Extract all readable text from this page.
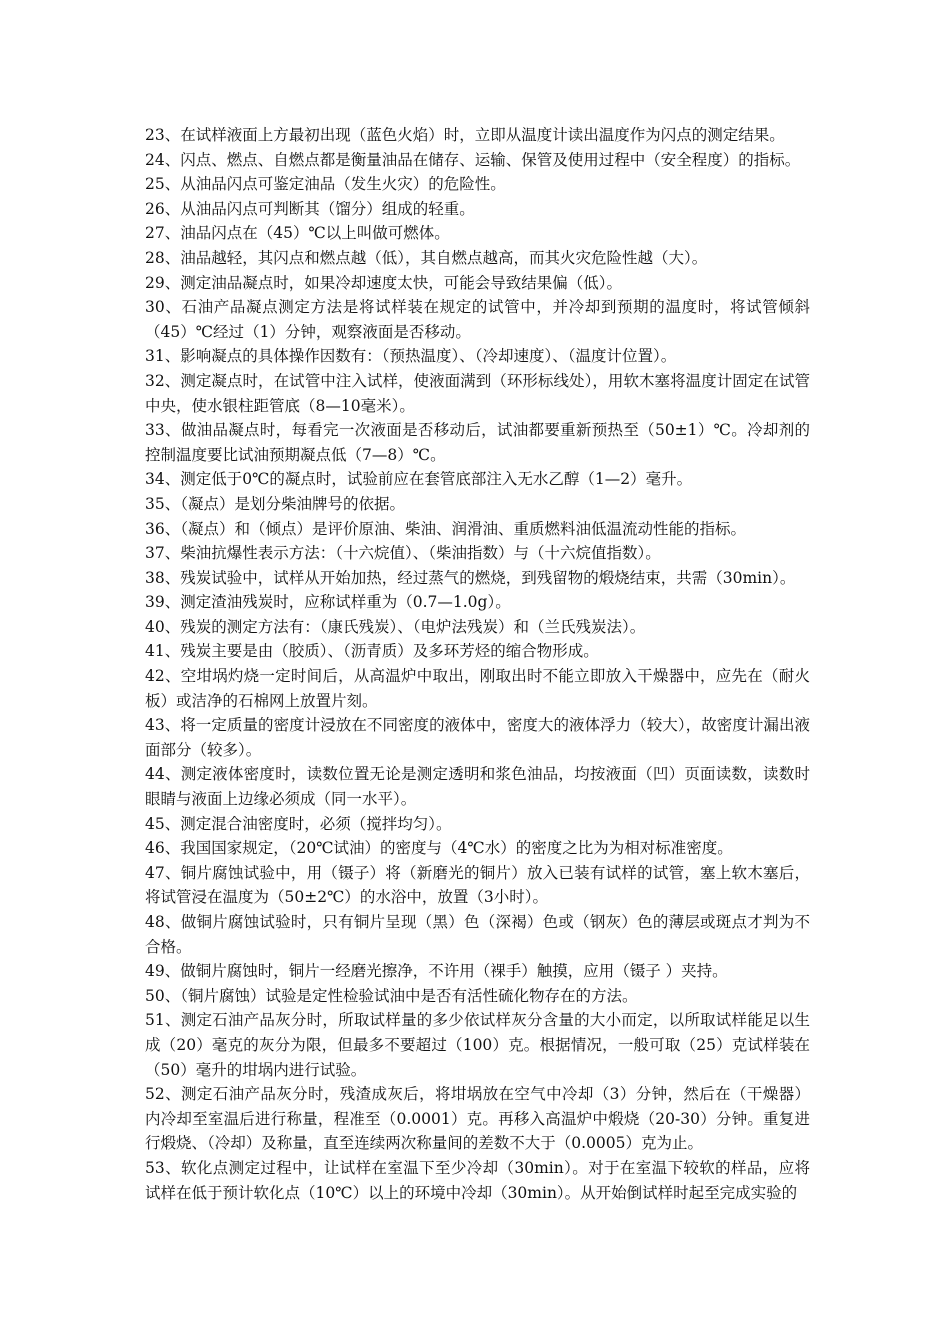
23、在试样液面上方最初出现（蓝色火焰）时，立即从温度计读出温度作为闪点的测定结果。

24、闪点、燃点、自燃点都是衡量油品在储存、运输、保管及使用过程中（安全程度）的指标。

25、从油品闪点可鉴定油品（发生火灾）的危险性。

26、从油品闪点可判断其（馏分）组成的轻重。

27、油品闪点在（45）℃以上叫做可燃体。

28、油品越轻，其闪点和燃点越（低），其自燃点越高，而其火灾危险性越（大）。

29、测定油品凝点时，如果冷却速度太快，可能会导致结果偏（低）。

30、石油产品凝点测定方法是将试样装在规定的试管中，并冷却到预期的温度时，将试管倾斜（45）℃经过（1）分钟，观察液面是否移动。

31、影响凝点的具体操作因数有：（预热温度）、（冷却速度）、（温度计位置）。

32、测定凝点时，在试管中注入试样，使液面满到（环形标线处），用软木塞将温度计固定在试管中央，使水银柱距管底（8—10毫米）。

33、做油品凝点时，每看完一次液面是否移动后，试油都要重新预热至（50±1）℃。冷却剂的控制温度要比试油预期凝点低（7—8）℃。

34、测定低于0℃的凝点时，试验前应在套管底部注入无水乙醇（1—2）毫升。

35、（凝点）是划分柴油牌号的依据。

36、（凝点）和（倾点）是评价原油、柴油、润滑油、重质燃料油低温流动性能的指标。

37、柴油抗爆性表示方法：（十六烷值）、（柴油指数）与（十六烷值指数）。

38、残炭试验中，试样从开始加热，经过蒸气的燃烧，到残留物的煅烧结束，共需（30min）。

39、测定渣油残炭时，应称试样重为（0.7—1.0g）。

40、残炭的测定方法有：（康氏残炭）、（电炉法残炭）和（兰氏残炭法）。

41、残炭主要是由（胶质）、（沥青质）及多环芳烃的缩合物形成。

42、空坩埚灼烧一定时间后，从高温炉中取出，刚取出时不能立即放入干燥器中，应先在（耐火板）或洁净的石棉网上放置片刻。

43、将一定质量的密度计浸放在不同密度的液体中，密度大的液体浮力（较大），故密度计漏出液面部分（较多）。

44、测定液体密度时，读数位置无论是测定透明和浆色油品，均按液面（凹）页面读数，读数时眼睛与液面上边缘必须成（同一水平）。

45、测定混合油密度时，必须（搅拌均匀）。

46、我国国家规定，（20℃试油）的密度与（4℃水）的密度之比为为相对标准密度。

47、铜片腐蚀试验中，用（镊子）将（新磨光的铜片）放入已装有试样的试管，塞上软木塞后，将试管浸在温度为（50±2℃）的水浴中，放置（3小时）。

48、做铜片腐蚀试验时，只有铜片呈现（黑）色（深褐）色或（钢灰）色的薄层或斑点才判为不合格。

49、做铜片腐蚀时，铜片一经磨光擦净，不许用（裸手）触摸，应用（镊子 ）夹持。

50、（铜片腐蚀）试验是定性检验试油中是否有活性硫化物存在的方法。

51、测定石油产品灰分时，所取试样量的多少依试样灰分含量的大小而定，以所取试样能足以生成（20）毫克的灰分为限，但最多不要超过（100）克。根据情况，一般可取（25）克试样装在（50）毫升的坩埚内进行试验。

52、测定石油产品灰分时，残渣成灰后，将坩埚放在空气中冷却（3）分钟，然后在（干燥器）内冷却至室温后进行称量，程准至（0.0001）克。再移入高温炉中煅烧（20-30）分钟。重复进行煅烧、（冷却）及称量，直至连续两次称量间的差数不大于（0.0005）克为止。

53、软化点测定过程中，让试样在室温下至少冷却（30min）。对于在室温下较软的样品，应将试样在低于预计软化点（10℃）以上的环境中冷却（30min）。从开始倒试样时起至完成实验的
